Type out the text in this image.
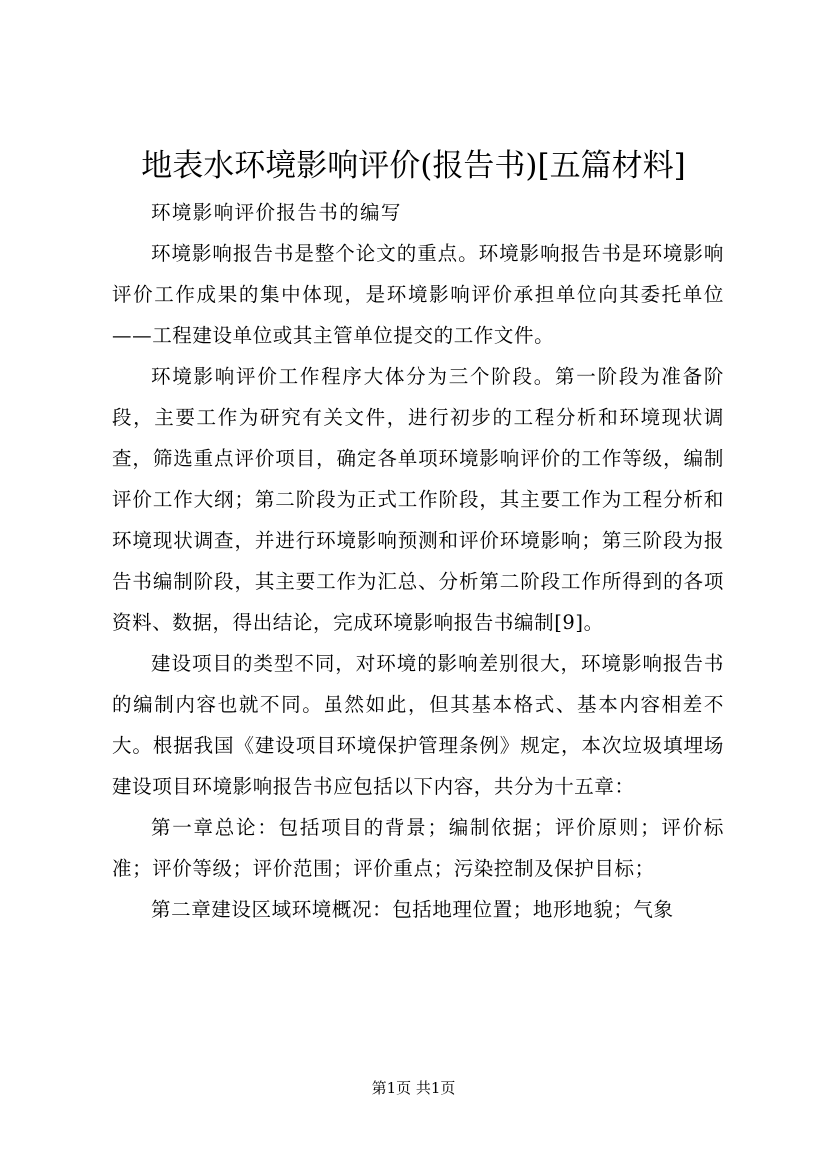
地表水环境影响评价(报告书)[五篇材料]

环境影响评价报告书的编写

环境影响报告书是整个论文的重点。环境影响报告书是环境影响评价工作成果的集中体现，是环境影响评价承担单位向其委托单位——工程建设单位或其主管单位提交的工作文件。

环境影响评价工作程序大体分为三个阶段。第一阶段为准备阶段，主要工作为研究有关文件，进行初步的工程分析和环境现状调查，筛选重点评价项目，确定各单项环境影响评价的工作等级，编制评价工作大纲；第二阶段为正式工作阶段，其主要工作为工程分析和环境现状调查，并进行环境影响预测和评价环境影响；第三阶段为报告书编制阶段，其主要工作为汇总、分析第二阶段工作所得到的各项资料、数据，得出结论，完成环境影响报告书编制[9]。

建设项目的类型不同，对环境的影响差别很大，环境影响报告书的编制内容也就不同。虽然如此，但其基本格式、基本内容相差不大。根据我国《建设项目环境保护管理条例》规定，本次垃圾填埋场建设项目环境影响报告书应包括以下内容，共分为十五章：

第一章总论：包括项目的背景；编制依据；评价原则；评价标准；评价等级；评价范围；评价重点；污染控制及保护目标；

第二章建设区域环境概况：包括地理位置；地形地貌；气象

第1页 共1页
